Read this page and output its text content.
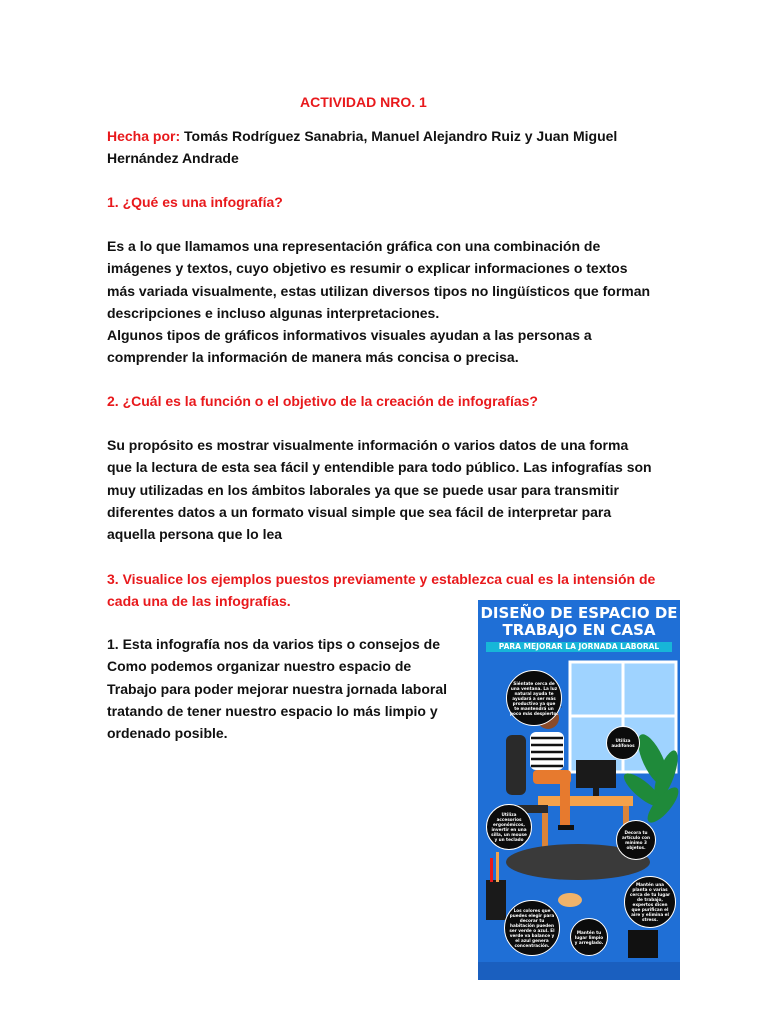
ACTIVIDAD NRO. 1
Hecha por: Tomás Rodríguez Sanabria, Manuel Alejandro Ruiz y Juan Miguel
Hernández Andrade
1. ¿Qué es una infografía?
Es a lo que llamamos una representación gráfica con una combinación de
imágenes y textos, cuyo objetivo es resumir o explicar informaciones o textos
más variada visualmente, estas utilizan diversos tipos no lingüísticos que forman
descripciones e incluso algunas interpretaciones.
Algunos tipos de gráficos informativos visuales ayudan a las personas a
comprender la información de manera más concisa o precisa.
2. ¿Cuál es la función o el objetivo de la creación de infografías?
Su propósito es mostrar visualmente información o varios datos de una forma
que la lectura de esta sea fácil y entendible para todo público. Las infografías son
muy utilizadas en los ámbitos laborales ya que se puede usar para transmitir
diferentes datos a un formato visual simple que sea fácil de interpretar para
aquella persona que lo lea
3. Visualice los ejemplos puestos previamente y establezca cual es la intensión de
cada una de las infografías.
1. Esta infografía nos da varios tips o consejos de
Como podemos organizar nuestro espacio de
Trabajo para poder mejorar nuestra jornada laboral
tratando de tener nuestro espacio lo más limpio y
ordenado posible.
DISEÑO DE ESPACIO DE
TRABAJO EN CASA
PARA MEJORAR LA JORNADA LABORAL
Siéntate cerca de una ventana. La luz natural ayuda te ayudará a ser más productivo ya que te mantendrá un poco más despierto.
Utiliza audífonos
Utiliza accesorios ergonómicos, invertir en una silla, un mouse y un teclado
Decora tu artículo con mínimo 3 objetos.
Mantén una planta o varias cerca de tu lugar de trabajo, expertos dicen que purifican el aire y elimina el stress.
Los colores que puedes elegir para decorar tu habitación pueden ser verde o azul. El verde va balance y el azul genera concentración.
Mantén tu lugar limpio y arreglado.
